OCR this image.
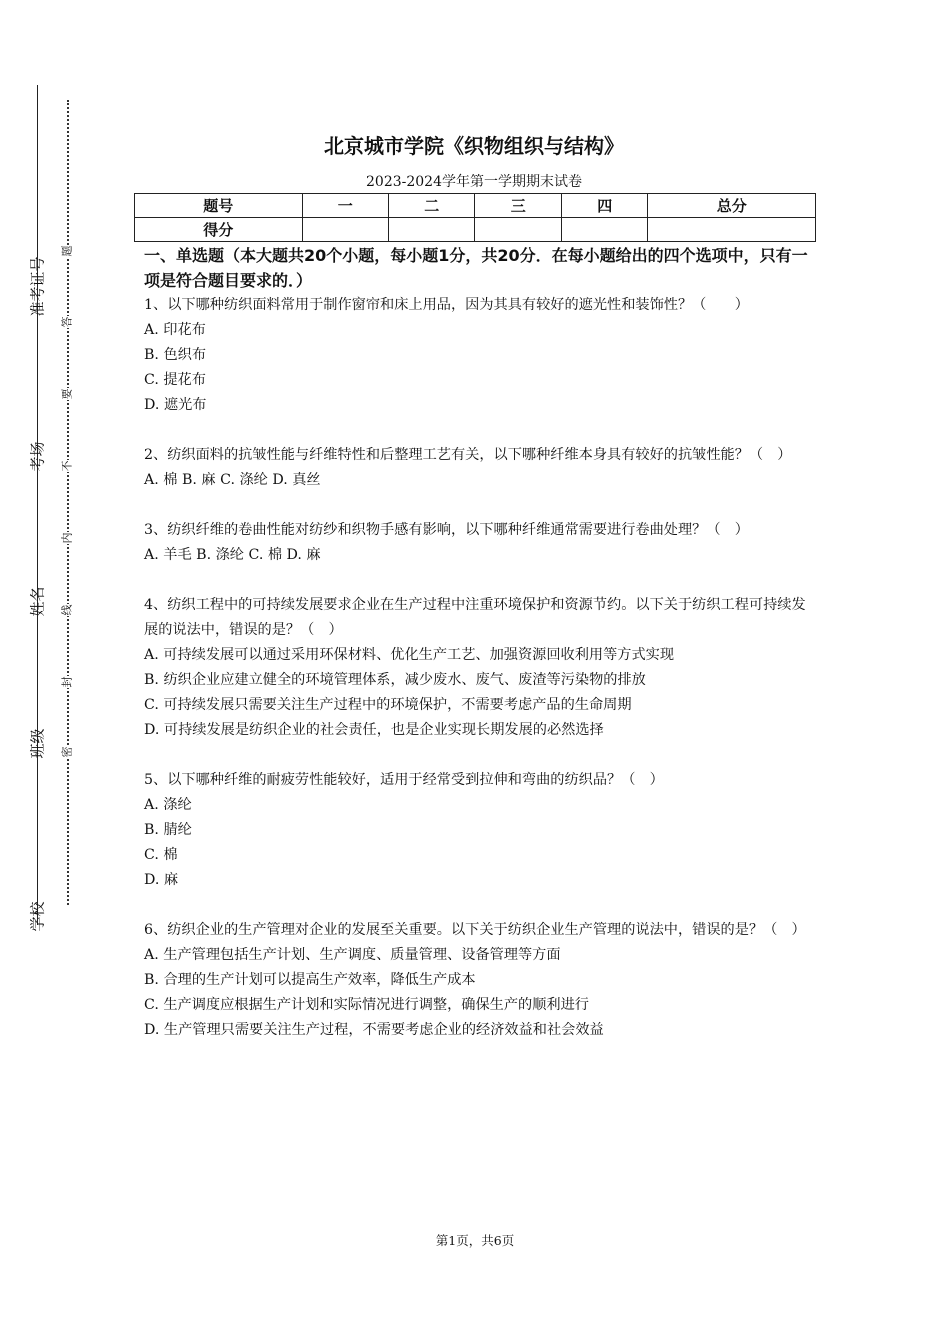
准考证号
考场
姓名
班级
学校
题
答
要
不
内
线
封
密
北京城市学院《织物组织与结构》
2023-2024学年第一学期期末试卷
题号	一	二	三	四	总分
得分					
一、单选题（本大题共20个小题，每小题1分，共20分．在每小题给出的四个选项中，只有一项是符合题目要求的．）

1、以下哪种纺织面料常用于制作窗帘和床上用品，因为其具有较好的遮光性和装饰性？（　　）

A. 印花布

B. 色织布

C. 提花布

D. 遮光布

2、纺织面料的抗皱性能与纤维特性和后整理工艺有关，以下哪种纤维本身具有较好的抗皱性能？（　）

A. 棉 B. 麻 C. 涤纶 D. 真丝

3、纺织纤维的卷曲性能对纺纱和织物手感有影响，以下哪种纤维通常需要进行卷曲处理？（　）

A. 羊毛 B. 涤纶 C. 棉 D. 麻

4、纺织工程中的可持续发展要求企业在生产过程中注重环境保护和资源节约。以下关于纺织工程可持续发展的说法中，错误的是？（　）

A. 可持续发展可以通过采用环保材料、优化生产工艺、加强资源回收利用等方式实现

B. 纺织企业应建立健全的环境管理体系，减少废水、废气、废渣等污染物的排放

C. 可持续发展只需要关注生产过程中的环境保护，不需要考虑产品的生命周期

D. 可持续发展是纺织企业的社会责任，也是企业实现长期发展的必然选择

5、以下哪种纤维的耐疲劳性能较好，适用于经常受到拉伸和弯曲的纺织品？（　）

A. 涤纶

B. 腈纶

C. 棉

D. 麻

6、纺织企业的生产管理对企业的发展至关重要。以下关于纺织企业生产管理的说法中，错误的是？（　）

A. 生产管理包括生产计划、生产调度、质量管理、设备管理等方面

B. 合理的生产计划可以提高生产效率，降低生产成本

C. 生产调度应根据生产计划和实际情况进行调整，确保生产的顺利进行

D. 生产管理只需要关注生产过程，不需要考虑企业的经济效益和社会效益

第1页，共6页
